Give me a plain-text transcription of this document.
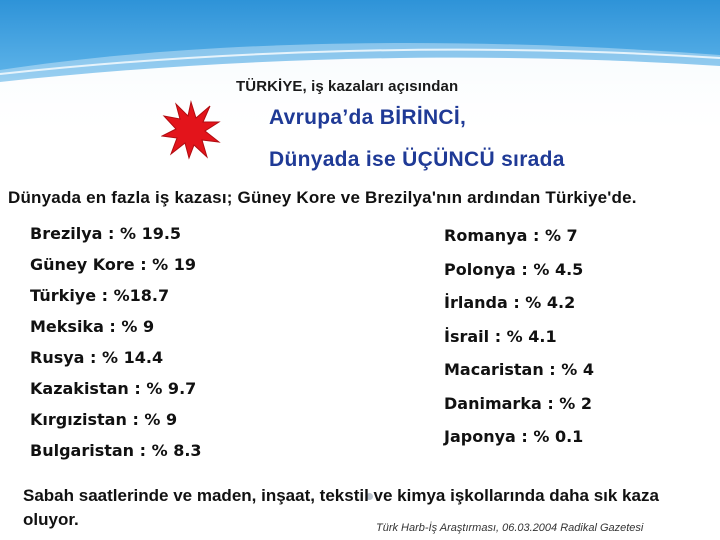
TÜRKİYE, iş kazaları açısından
Avrupa’da BİRİNCİ,
Dünyada ise ÜÇÜNCÜ sırada
Dünyada en fazla iş kazası; Güney Kore ve Brezilya'nın ardından Türkiye'de.
Brezilya : % 19.5
Güney Kore : % 19
Türkiye : %18.7
Meksika : % 9
Rusya : % 14.4
Kazakistan : % 9.7
Kırgızistan : % 9
Bulgaristan : % 8.3
Romanya : % 7
Polonya : % 4.5
İrlanda : % 4.2
İsrail : % 4.1
Macaristan : % 4
Danimarka : % 2
Japonya : % 0.1
Sabah saatlerinde ve maden, inşaat, tekstil ve kimya işkollarında daha sık kaza oluyor.	Türk Harb-İş Araştırması, 06.03.2004 Radikal Gazetesi
